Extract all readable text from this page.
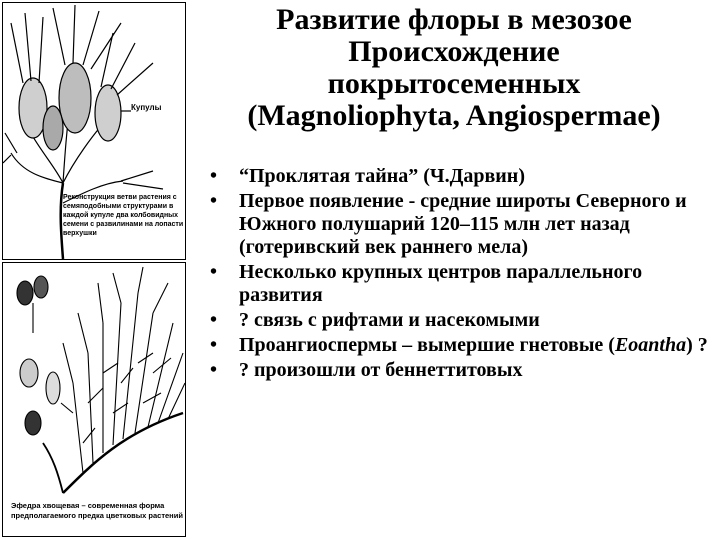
Купулы
Реконструкция ветви растения с семяподобными структурами в каждой купуле два колбовидных семени с развилинами на лопасти верхушки
Эфедра хвощевая – современная форма предполагаемого предка цветковых растений
Развитие флоры в мезозое
Происхождение
покрытосеменных
(Magnoliophyta, Angiospermae)
• “Проклятая тайна” (Ч.Дарвин)
• Первое появление - средние широты Северного и Южного полушарий 120–115 млн лет назад (готеривский век раннего мела)
• Несколько крупных центров параллельного развития
• ? связь с рифтами и насекомыми
• Проангиоспермы – вымершие гнетовые (Eoantha) ?
• ? произошли от беннеттитовых
